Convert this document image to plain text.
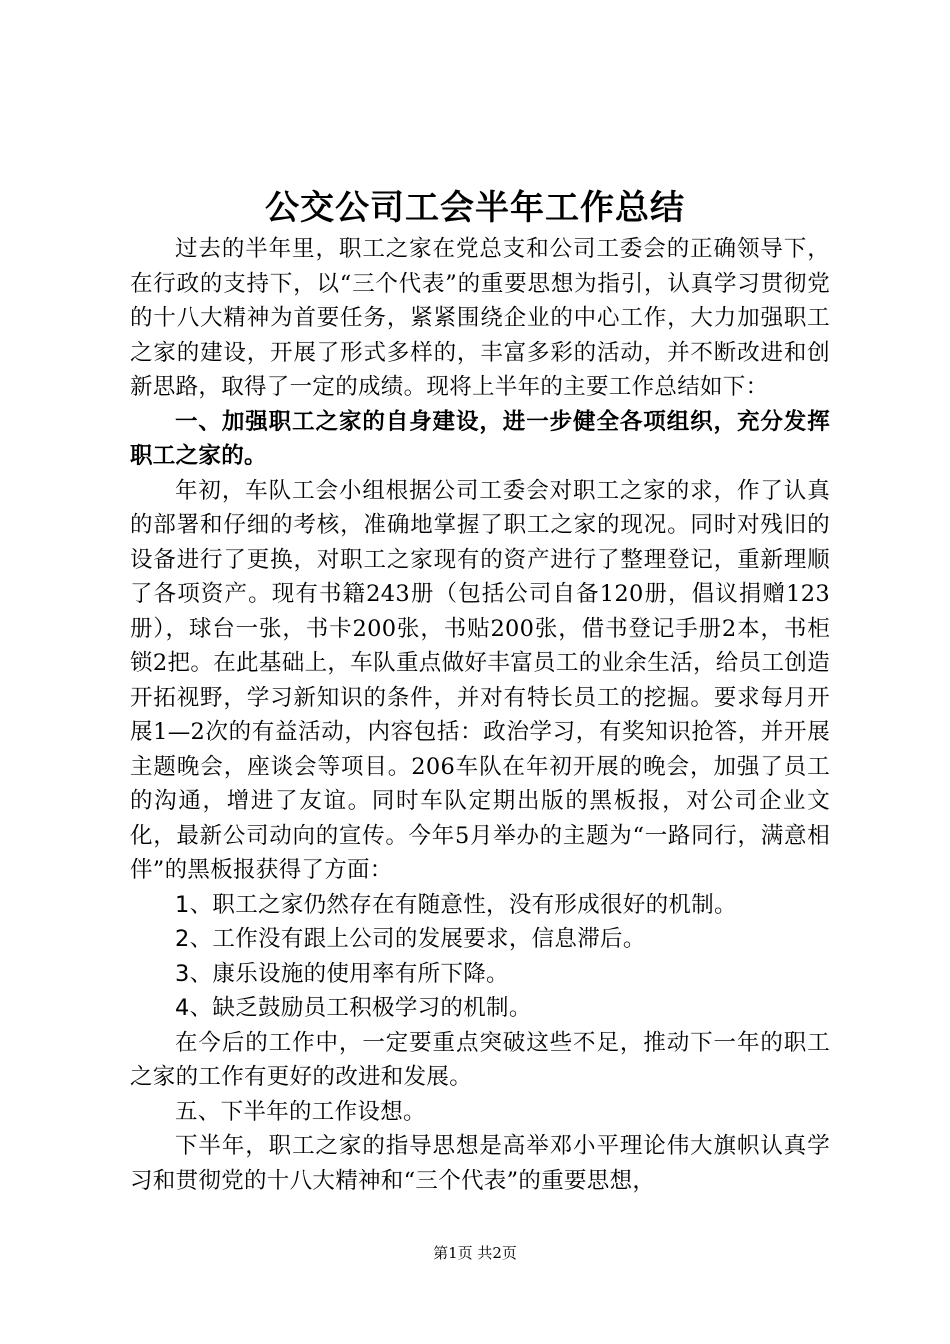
公交公司工会半年工作总结

过去的半年里，职工之家在党总支和公司工委会的正确领导下，在行政的支持下，以“三个代表”的重要思想为指引，认真学习贯彻党的十八大精神为首要任务，紧紧围绕企业的中心工作，大力加强职工之家的建设，开展了形式多样的，丰富多彩的活动，并不断改进和创新思路，取得了一定的成绩。现将上半年的主要工作总结如下：

一、加强职工之家的自身建设，进一步健全各项组织，充分发挥职工之家的。

年初，车队工会小组根据公司工委会对职工之家的求，作了认真的部署和仔细的考核，准确地掌握了职工之家的现况。同时对残旧的设备进行了更换，对职工之家现有的资产进行了整理登记，重新理顺了各项资产。现有书籍243册（包括公司自备120册，倡议捐赠123册），球台一张，书卡200张，书贴200张，借书登记手册2本，书柜锁2把。在此基础上，车队重点做好丰富员工的业余生活，给员工创造开拓视野，学习新知识的条件，并对有特长员工的挖掘。要求每月开展1—2次的有益活动，内容包括：政治学习，有奖知识抢答，并开展主题晚会，座谈会等项目。206车队在年初开展的晚会，加强了员工的沟通，增进了友谊。同时车队定期出版的黑板报，对公司企业文化，最新公司动向的宣传。今年5月举办的主题为“一路同行，满意相伴”的黑板报获得了方面：

1、职工之家仍然存在有随意性，没有形成很好的机制。

2、工作没有跟上公司的发展要求，信息滞后。

3、康乐设施的使用率有所下降。

4、缺乏鼓励员工积极学习的机制。

在今后的工作中，一定要重点突破这些不足，推动下一年的职工之家的工作有更好的改进和发展。

五、下半年的工作设想。

下半年，职工之家的指导思想是高举邓小平理论伟大旗帜认真学习和贯彻党的十八大精神和“三个代表”的重要思想，

第1页 共2页
